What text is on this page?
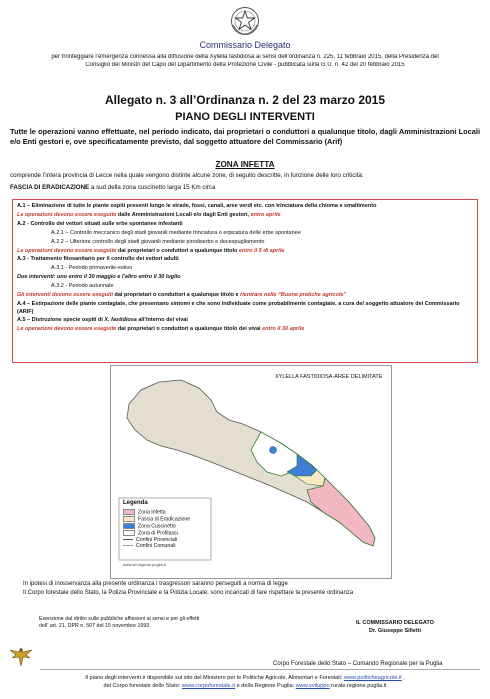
Commissario Delegato
per fronteggiare l’emergenza connessa alla diffusione della Xylella fastidiosa ai sensi dell’ordinanza n. 225, 11 febbraio 2015, della Presidenza del
Consiglio dei Ministri del Capo del Dipartimento della Protezione Civile - pubblicata sulla G.U. n. 42 del 20 febbraio 2015
Allegato n. 3 all’Ordinanza n. 2 del 23 marzo 2015
PIANO DEGLI INTERVENTI
Tutte le operazioni vanno effettuate, nel periodo indicato, dai proprietari o conduttori a qualunque titolo, dagli Amministrazioni Locali e/o Enti gestori e, ove specificatamente previsto, dal soggetto attuatore del Commissario (Arif)
ZONA INFETTA
comprende l’intera provincia di Lecce nella quale vengono distinte alcune zone, di seguito descritte, in funzione delle loro criticità:
FASCIA DI ERADICAZIONE a sud della zona cuscinetto larga 15 Km circa
A.1 – Eliminazione di tutte le piante ospiti presenti lungo le strade, fossi, canali, aree verdi etc. con trinciatura della chioma e smaltimento
Le operazioni devono essere eseguite dalle Amministrazioni Locali e/o dagli Enti gestori, entro aprile
A.2 - Controllo dei vettori situati sulle erbe spontanee infestanti
A.2.1 – Controllo meccanico degli stadi giovanili mediante trinciatura o erpicatura delle erbe spontanee
A.2.2 – Ulteriore controllo degli stadi giovanili mediante pirodiserbo e decespugliamento
Le operazioni devono essere eseguite dai proprietari o conduttori a qualunque titolo entro il 5 di aprile
A.3 - Trattamento fitosanitario per il controllo dei vettori adulti
A.3.1 - Periodo primaverile-estivo
Due interventi: uno entro il 30 maggio e l’altro entro il 30 luglio
A.3.2 - Periodo autunnale
Gli interventi devono essere eseguiti dai proprietari o conduttori a qualunque titolo e rientrare nelle “Buone pratiche agricole”
A.4 – Estirpazione delle piante contagiate, che presentano sintomi e che sono individuate come probabilmente contagiate, a cura del soggetto attuatore del Commissario (ARIF)
A.5 – Distruzione specie ospiti di X. fastidiosa all’interno dei vivai
Le operazioni devono essere eseguite dai proprietari o conduttori a qualunque titolo dei vivai entro il 30 aprile
Legenda
Zona Infetta
Fascia di Eradicazione
Zona Cuscinetto
Zona di Profilassi
Confini Provinciali
Confini Comunali
XYLELLA FASTIDIOSA-AREE DELIMITATE
www.sit.regione.puglia.it
In ipotesi di inosservanza alla presente ordinanza i trasgressori saranno perseguiti a norma di legge
Il Corpo forestale dello Stato, la Polizia Provinciale e la Polizia Locale, sono incaricati di fare rispettare la presente ordinanza
Esenzione dal diritto sulle pubbliche affissioni ai sensi e per gli effetti
dell’ art. 21, DPR n. 507 del 15 novembre 1993	IL COMMISSARIO DELEGATO
Dr. Giuseppe Silletti
Corpo Forestale dello Stato – Comando Regionale per la Puglia
Il piano degli interventi è disponibile sul sito del Ministero per le Politiche Agricole, Alimentari e Forestali: www.politicheagricole.it ,
del Corpo forestale dello Stato: www.corpoforestale.it e della Regione Puglia: www.sviluppo rurale.regione.puglia.it
